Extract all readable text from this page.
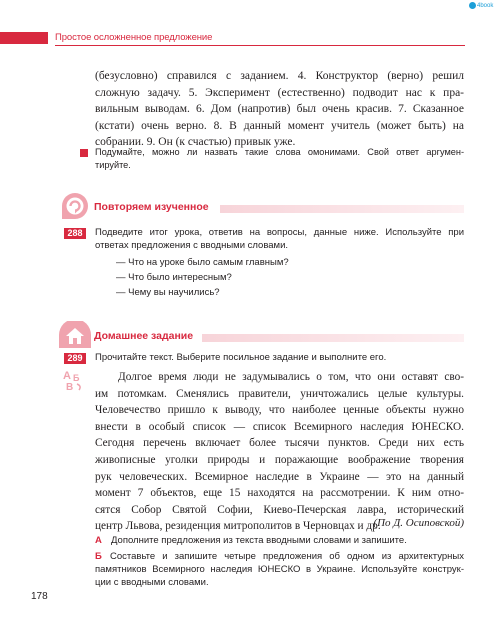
4book
Простое осложненное предложение
(безусловно) справился с заданием. 4. Конструктор (верно) решил
сложную задачу. 5. Эксперимент (естественно) подводит нас к пра-
вильным выводам. 6. Дом (напротив) был очень красив. 7. Сказанное
(кстати) очень верно. 8. В данный момент учитель (может быть) на
собрании. 9. Он (к счастью) привык уже.
Подумайте, можно ли назвать такие слова омонимами. Свой ответ аргумен-
тируйте.
Повторяем изученное
288	Подведите итог урока, ответив на вопросы, данные ниже. Используйте при
ответах предложения с вводными словами.
— Что на уроке было самым главным?
— Что было интересным?
— Чему вы научились?
Домашнее задание
289	Прочитайте текст. Выберите посильное задание и выполните его.
A Б
В
Долгое время люди не задумывались о том, что они оставят сво-
им потомкам. Сменялись правители, уничтожались целые культуры.
Человечество пришло к выводу, что наиболее ценные объекты нужно
внести в особый список — список Всемирного наследия ЮНЕСКО.
Сегодня перечень включает более тысячи пунктов. Среди них есть
живописные уголки природы и поражающие воображение творения
рук человеческих. Всемирное наследие в Украине — это на данный
момент 7 объектов, еще 15 находятся на рассмотрении. К ним отно-
сятся Собор Святой Софии, Киево-Печерская лавра, исторический
центр Львова, резиденция митрополитов в Черновцах и др.
(По Д. Осиповской)
А Дополните предложения из текста вводными словами и запишите.
Б Составьте и запишите четыре предложения об одном из архитектурных
памятников Всемирного наследия ЮНЕСКО в Украине. Используйте конструк-
ции с вводными словами.
178
